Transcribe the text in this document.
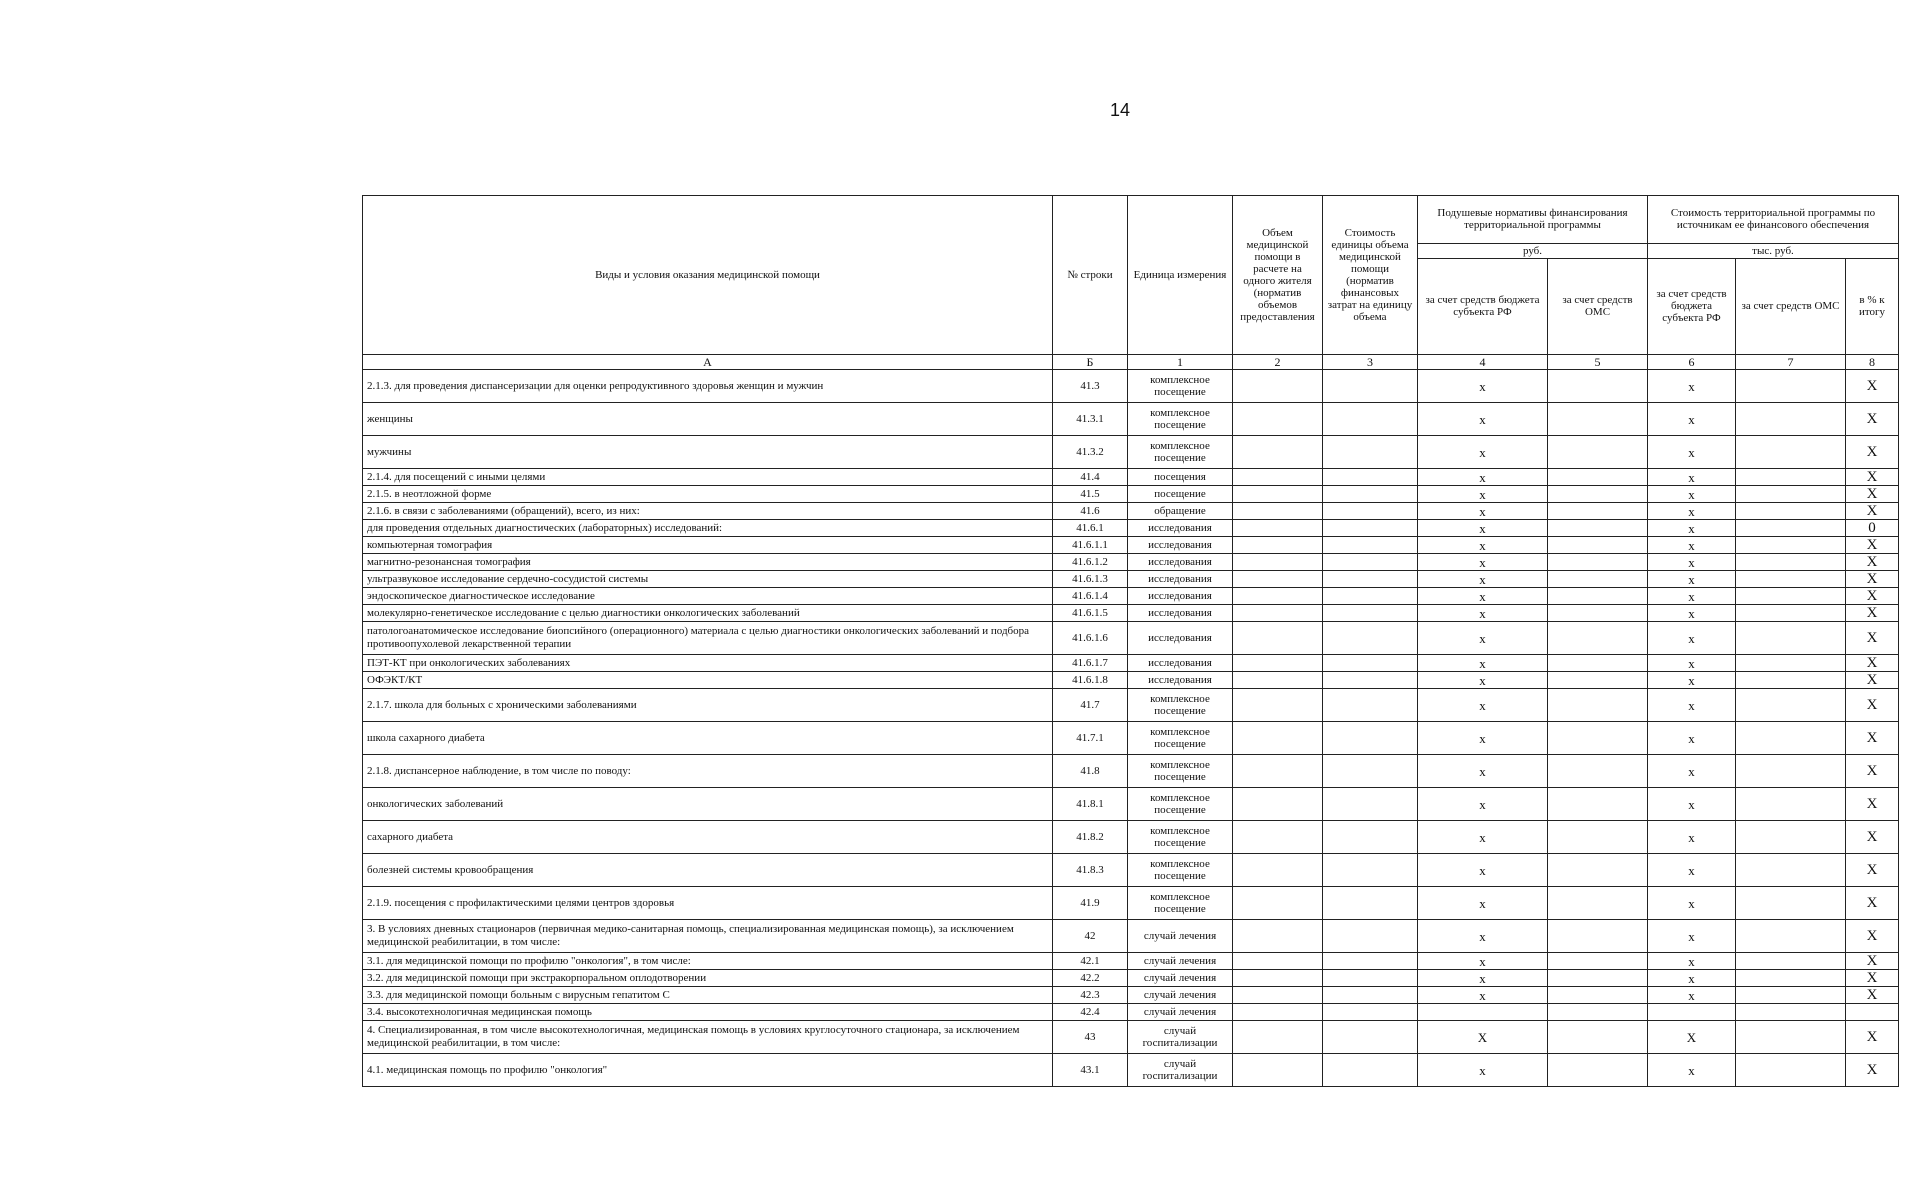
14
Виды и условия оказания медицинской помощи	№ строки	Единица измерения	Объем медицинской помощи в расчете на одного жителя (норматив объемов предоставления	Стоимость единицы объема медицинской помощи (норматив финансовых затрат на единицу объема	Подушевые нормативы финансирования территориальной программы		Стоимость территориальной программы по источникам ее финансового обеспечения		
					руб.		тыс. руб.		
					за счет средств бюджета субъекта РФ	за счет средств ОМС	за счет средств бюджета субъекта РФ	за счет средств ОМС	в % к итогу
А	Б	1	2	3	4	5	6	7	8
2.1.3. для проведения диспансеризации для оценки репродуктивного здоровья женщин и мужчин	41.3	комплексное посещение			x		x		X
женщины	41.3.1	комплексное посещение			x		x		X
мужчины	41.3.2	комплексное посещение			x		x		X
2.1.4. для посещений с иными целями	41.4	посещения			x		x		X
2.1.5. в неотложной форме	41.5	посещение			x		x		X
2.1.6. в связи с заболеваниями (обращений), всего, из них:	41.6	обращение			x		x		X
для проведения отдельных диагностических (лабораторных) исследований:	41.6.1	исследования			x		x		0
компьютерная томография	41.6.1.1	исследования			x		x		X
магнитно-резонансная томография	41.6.1.2	исследования			x		x		X
ультразвуковое исследование сердечно-сосудистой системы	41.6.1.3	исследования			x		x		X
эндоскопическое диагностическое исследование	41.6.1.4	исследования			x		x		X
молекулярно-генетическое исследование с целью диагностики онкологических заболеваний	41.6.1.5	исследования			x		x		X
патологоанатомическое исследование биопсийного (операционного) материала с целью диагностики онкологических заболеваний и подбора противоопухолевой лекарственной терапии	41.6.1.6	исследования			x		x		X
ПЭТ-КТ при онкологических заболеваниях	41.6.1.7	исследования			x		x		X
ОФЭКТ/КТ	41.6.1.8	исследования			x		x		X
2.1.7. школа для больных с хроническими заболеваниями	41.7	комплексное посещение			x		x		X
школа сахарного диабета	41.7.1	комплексное посещение			x		x		X
2.1.8. диспансерное наблюдение, в том числе по поводу:	41.8	комплексное посещение			x		x		X
онкологических заболеваний	41.8.1	комплексное посещение			x		x		X
сахарного диабета	41.8.2	комплексное посещение			x		x		X
болезней системы кровообращения	41.8.3	комплексное посещение			x		x		X
2.1.9. посещения с профилактическими целями центров здоровья	41.9	комплексное посещение			x		x		X
3. В условиях дневных стационаров (первичная медико-санитарная помощь, специализированная медицинская помощь), за исключением медицинской реабилитации, в том числе:	42	случай лечения			x		x		X
3.1. для медицинской помощи по профилю "онкология", в том числе:	42.1	случай лечения			x		x		X
3.2. для медицинской помощи при экстракорпоральном оплодотворении	42.2	случай лечения			x		x		X
3.3. для медицинской помощи больным с вирусным гепатитом С	42.3	случай лечения			x		x		X
3.4. высокотехнологичная медицинская помощь	42.4	случай лечения							
4. Специализированная, в том числе высокотехнологичная, медицинская помощь в условиях круглосуточного стационара, за исключением медицинской реабилитации, в том числе:	43	случай госпитализации			X		X		X
4.1. медицинская помощь по профилю "онкология"	43.1	случай госпитализации			x		x		X
